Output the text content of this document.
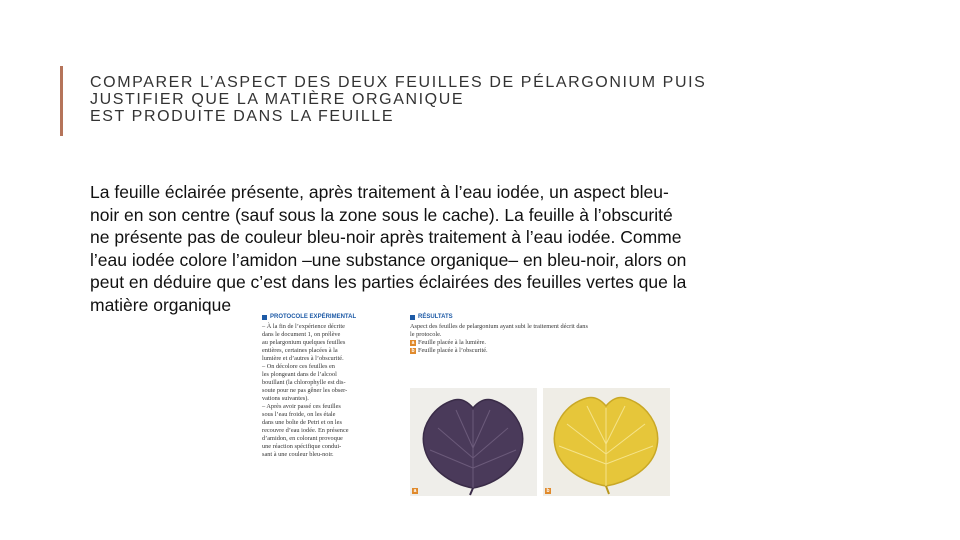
COMPARER L’ASPECT DES DEUX FEUILLES DE PÉLARGONIUM PUIS
JUSTIFIER QUE LA MATIÈRE ORGANIQUE
EST PRODUITE DANS LA FEUILLE
La feuille éclairée présente, après traitement à l’eau iodée, un aspect bleu-
noir en son centre (sauf sous la zone sous le cache). La feuille à l’obscurité
ne présente pas de couleur bleu-noir après traitement à l’eau iodée. Comme
l’eau iodée colore l’amidon –une substance organique– en bleu-noir, alors on
peut en déduire que c’est dans les parties éclairées des feuilles vertes que la
matière organique
PROTOCOLE EXPÉRIMENTAL
– À la fin de l’expérience décrite
dans le document 1, on prélève
au pelargonium quelques feuilles
entières, certaines placées à la
lumière et d’autres à l’obscurité.
– On décolore ces feuilles en
les plongeant dans de l’alcool
bouillant (la chlorophylle est dis-
soute pour ne pas gêner les obser-
vations suivantes).
– Après avoir passé ces feuilles
sous l’eau froide, on les étale
dans une boîte de Petri et on les
recouvre d’eau iodée. En présence
d’amidon, en colorant provoque
une réaction spécifique condui-
sant à une couleur bleu-noir.
RÉSULTATS
Aspect des feuilles de pelargonium ayant subi le traitement décrit dans
le protocole.
a Feuille placée à la lumière.
b Feuille placée à l’obscurité.
a	b
